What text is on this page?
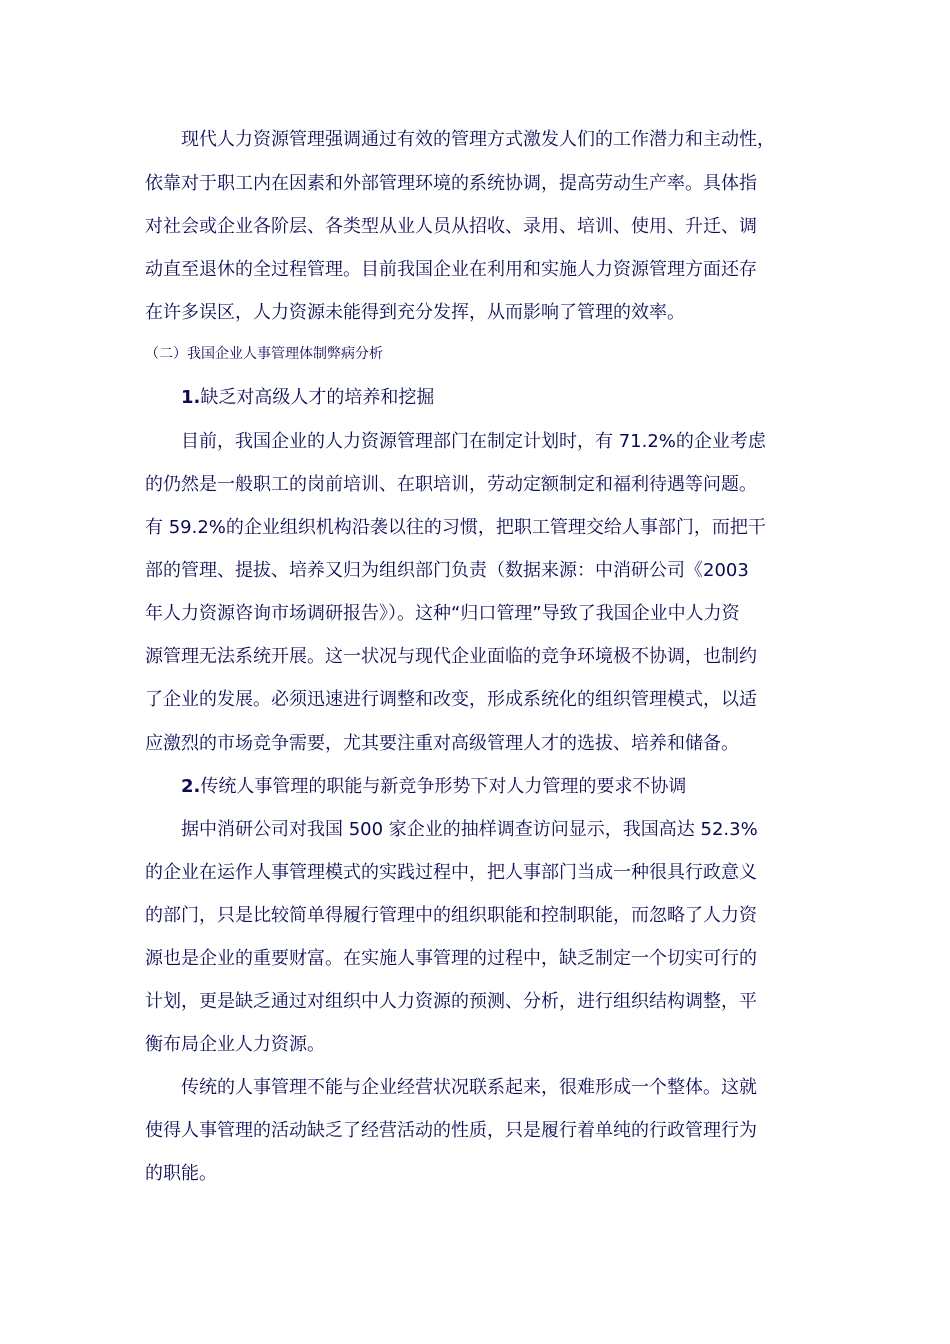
现代人力资源管理强调通过有效的管理方式激发人们的工作潜力和主动性，
依靠对于职工内在因素和外部管理环境的系统协调，提高劳动生产率。具体指
对社会或企业各阶层、各类型从业人员从招收、录用、培训、使用、升迁、调
动直至退休的全过程管理。目前我国企业在利用和实施人力资源管理方面还存
在许多误区，人力资源未能得到充分发挥，从而影响了管理的效率。
（二）我国企业人事管理体制弊病分析
1.缺乏对高级人才的培养和挖掘
目前，我国企业的人力资源管理部门在制定计划时，有 71.2%的企业考虑
的仍然是一般职工的岗前培训、在职培训，劳动定额制定和福利待遇等问题。
有 59.2%的企业组织机构沿袭以往的习惯，把职工管理交给人事部门，而把干
部的管理、提拔、培养又归为组织部门负责（数据来源：中消研公司《2003
年人力资源咨询市场调研报告》）。这种“归口管理”导致了我国企业中人力资
源管理无法系统开展。这一状况与现代企业面临的竞争环境极不协调，也制约
了企业的发展。必须迅速进行调整和改变，形成系统化的组织管理模式，以适
应激烈的市场竞争需要，尤其要注重对高级管理人才的选拔、培养和储备。
2.传统人事管理的职能与新竞争形势下对人力管理的要求不协调
据中消研公司对我国 500 家企业的抽样调查访问显示，我国高达 52.3%
的企业在运作人事管理模式的实践过程中，把人事部门当成一种很具行政意义
的部门，只是比较简单得履行管理中的组织职能和控制职能，而忽略了人力资
源也是企业的重要财富。在实施人事管理的过程中，缺乏制定一个切实可行的
计划，更是缺乏通过对组织中人力资源的预测、分析，进行组织结构调整，平
衡布局企业人力资源。
传统的人事管理不能与企业经营状况联系起来，很难形成一个整体。这就
使得人事管理的活动缺乏了经营活动的性质，只是履行着单纯的行政管理行为
的职能。
